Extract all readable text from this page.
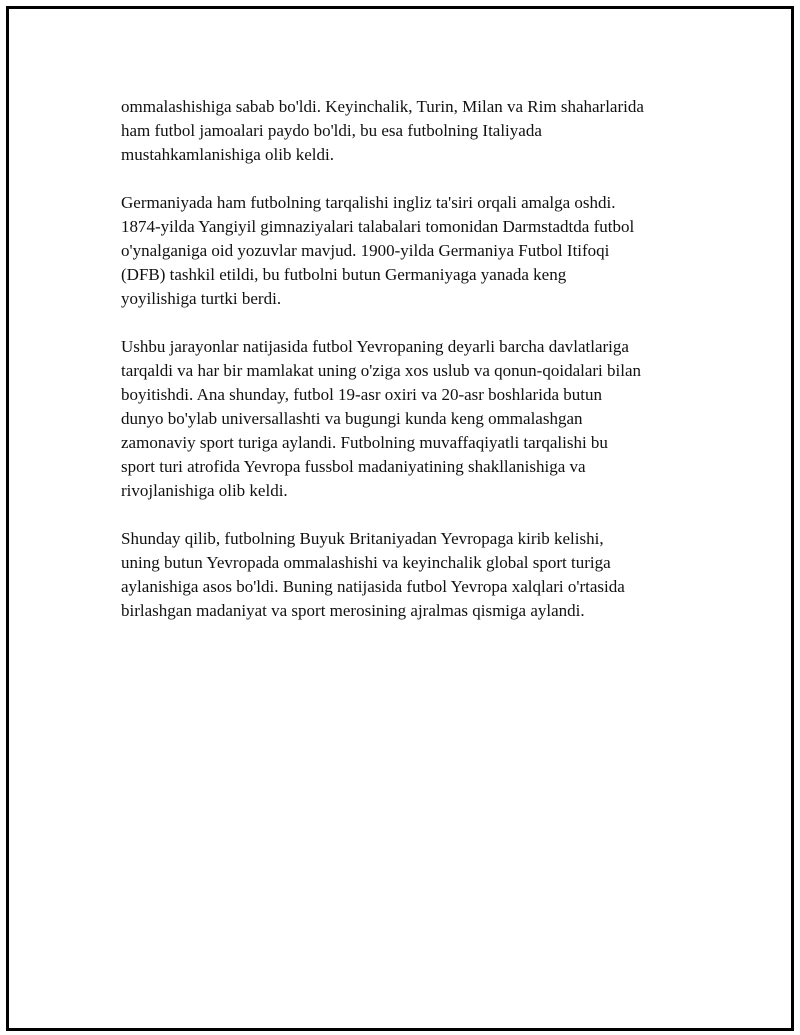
ommalashishiga sabab bo'ldi. Keyinchalik, Turin, Milan va Rim shaharlarida
ham futbol jamoalari paydo bo'ldi, bu esa futbolning Italiyada
mustahkamlanishiga olib keldi.

Germaniyada ham futbolning tarqalishi ingliz ta'siri orqali amalga oshdi.
1874-yilda Yangiyil gimnaziyalari talabalari tomonidan Darmstadtda futbol
o'ynalganiga oid yozuvlar mavjud. 1900-yilda Germaniya Futbol Itifoqi
(DFB) tashkil etildi, bu futbolni butun Germaniyaga yanada keng
yoyilishiga turtki berdi.

Ushbu jarayonlar natijasida futbol Yevropaning deyarli barcha davlatlariga
tarqaldi va har bir mamlakat uning o'ziga xos uslub va qonun-qoidalari bilan
boyitishdi. Ana shunday, futbol 19-asr oxiri va 20-asr boshlarida butun
dunyo bo'ylab universallashti va bugungi kunda keng ommalashgan
zamonaviy sport turiga aylandi. Futbolning muvaffaqiyatli tarqalishi bu
sport turi atrofida Yevropa fussbol madaniyatining shakllanishiga va
rivojlanishiga olib keldi.

Shunday qilib, futbolning Buyuk Britaniyadan Yevropaga kirib kelishi,
uning butun Yevropada ommalashishi va keyinchalik global sport turiga
aylanishiga asos bo'ldi. Buning natijasida futbol Yevropa xalqlari o'rtasida
birlashgan madaniyat va sport merosining ajralmas qismiga aylandi.
